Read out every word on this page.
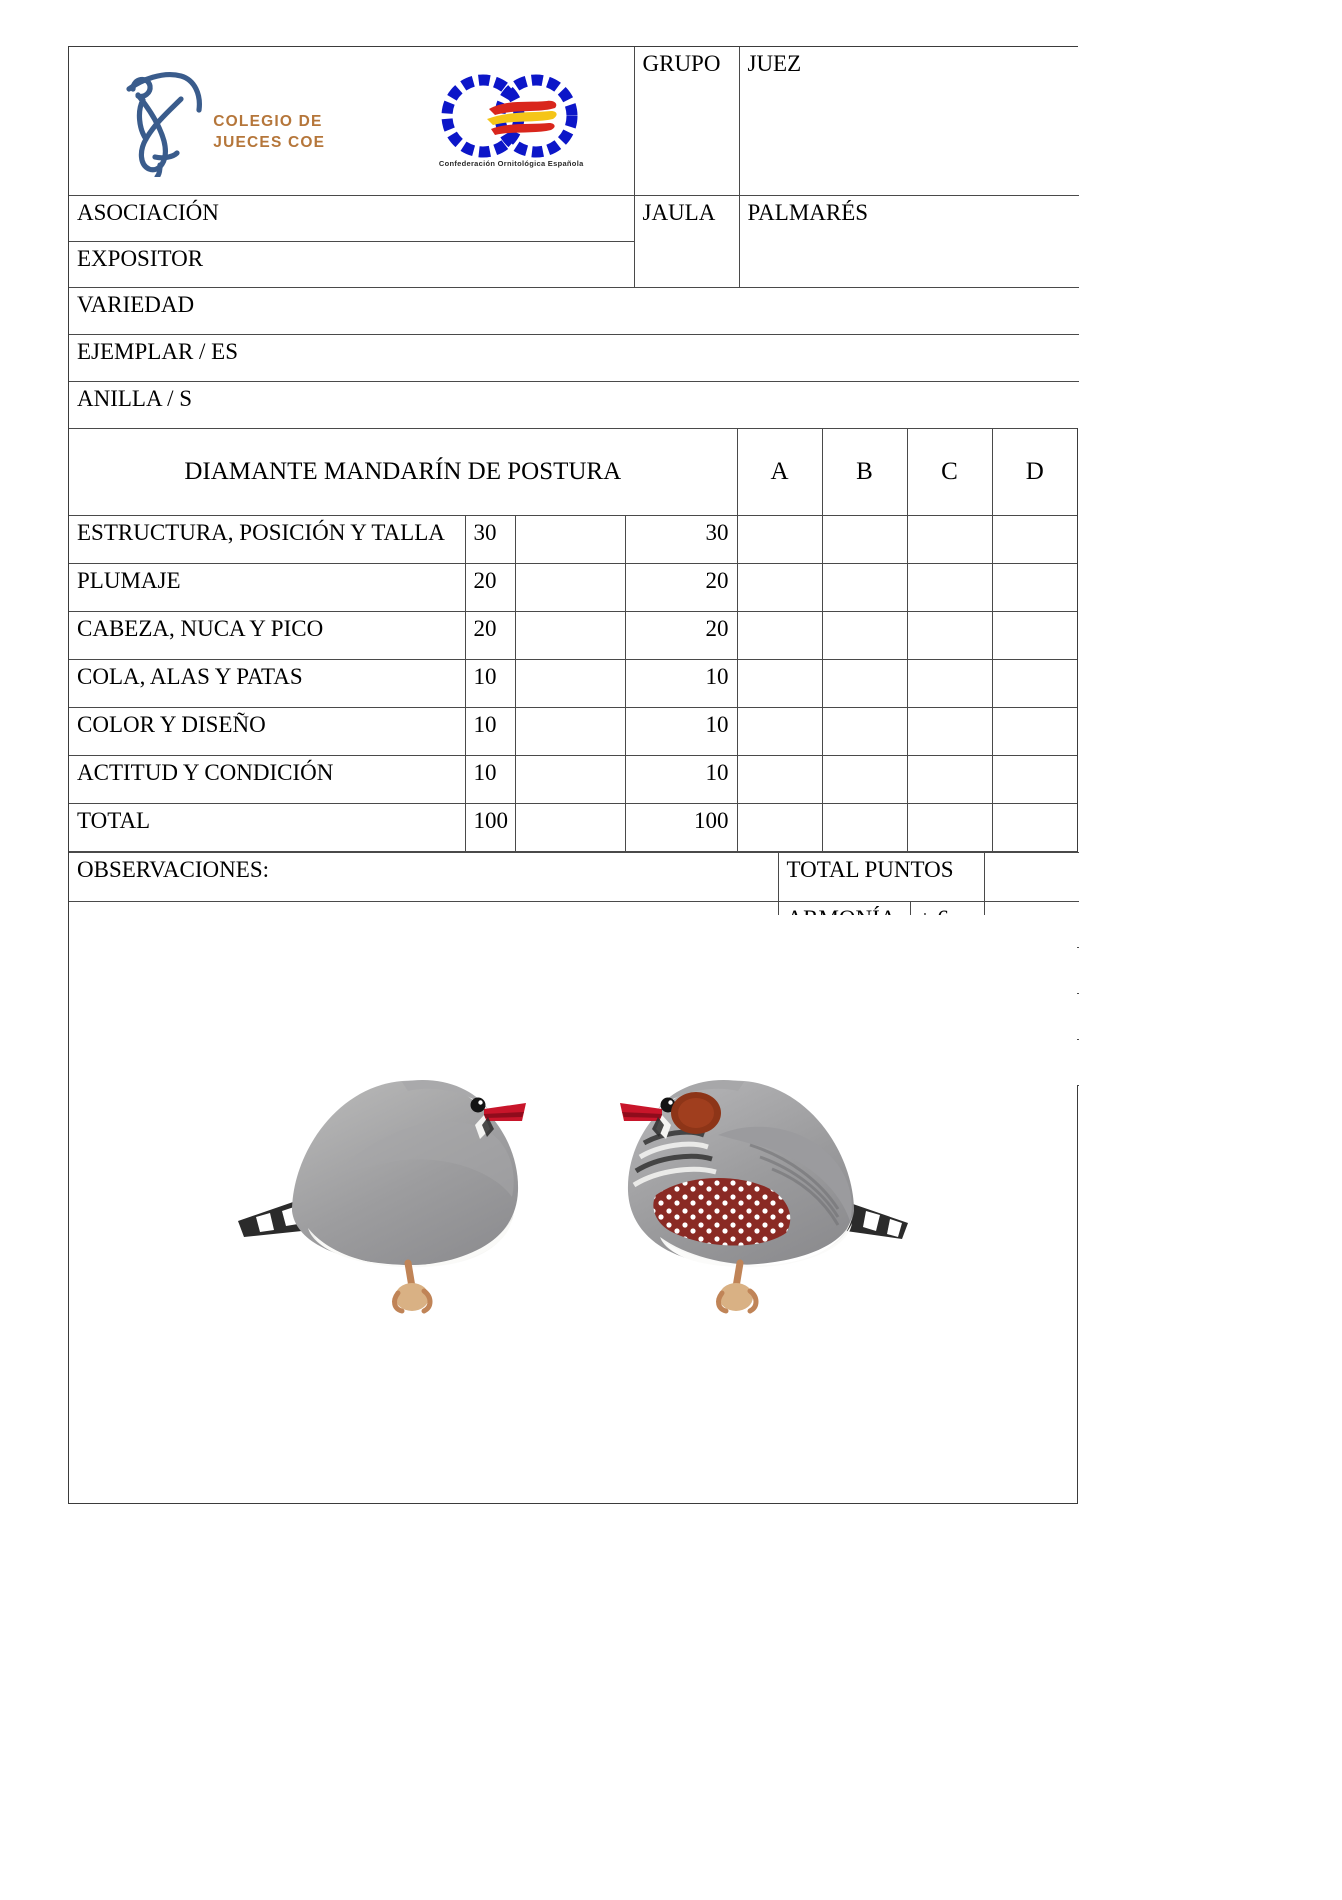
COLEGIO DE
JUECES COE
Confederación Ornitológica Española	GRUPO	JUEZ
ASOCIACIÓN	JAULA	PALMARÉS
EXPOSITOR		
VARIEDAD		
EJEMPLAR / ES		
ANILLA / S		
DIAMANTE MANDARÍN DE POSTURA				A	B	C	D
ESTRUCTURA, POSICIÓN Y TALLA	30		30				
PLUMAJE	20		20				
CABEZA, NUCA Y PICO	20		20				
COLA, ALAS Y PATAS	10		10				
COLOR Y DISEÑO	10		10				
ACTITUD Y CONDICIÓN	10		10				
TOTAL	100		100				
OBSERVACIONES:	TOTAL PUNTOS		
